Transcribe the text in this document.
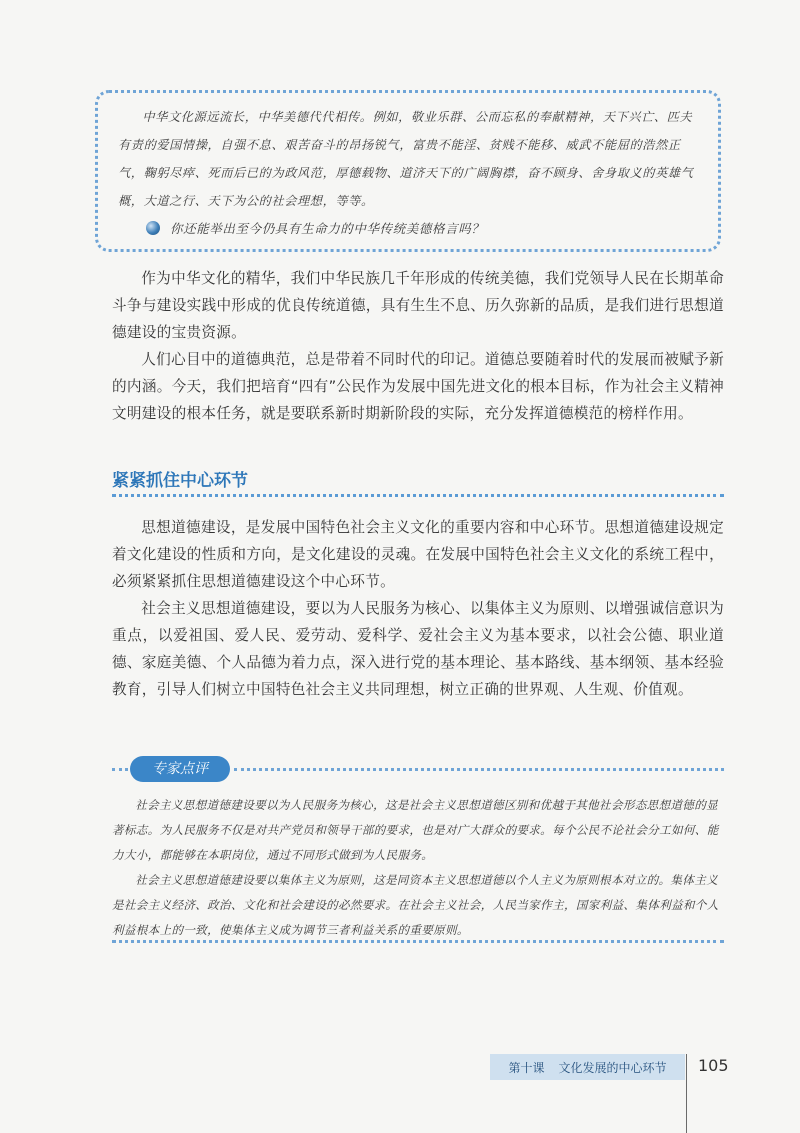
中华文化源远流长，中华美德代代相传。例如，敬业乐群、公而忘私的奉献精神，天下兴亡、匹夫有责的爱国情操，自强不息、艰苦奋斗的昂扬锐气，富贵不能淫、贫贱不能移、威武不能屈的浩然正气，鞠躬尽瘁、死而后已的为政风范，厚德载物、道济天下的广阔胸襟，奋不顾身、舍身取义的英雄气概，大道之行、天下为公的社会理想，等等。

你还能举出至今仍具有生命力的中华传统美德格言吗？

作为中华文化的精华，我们中华民族几千年形成的传统美德，我们党领导人民在长期革命斗争与建设实践中形成的优良传统道德，具有生生不息、历久弥新的品质，是我们进行思想道德建设的宝贵资源。

人们心目中的道德典范，总是带着不同时代的印记。道德总要随着时代的发展而被赋予新的内涵。今天，我们把培育“四有”公民作为发展中国先进文化的根本目标，作为社会主义精神文明建设的根本任务，就是要联系新时期新阶段的实际，充分发挥道德模范的榜样作用。

紧紧抓住中心环节

思想道德建设，是发展中国特色社会主义文化的重要内容和中心环节。思想道德建设规定着文化建设的性质和方向，是文化建设的灵魂。在发展中国特色社会主义文化的系统工程中，必须紧紧抓住思想道德建设这个中心环节。

社会主义思想道德建设，要以为人民服务为核心、以集体主义为原则、以增强诚信意识为重点，以爱祖国、爱人民、爱劳动、爱科学、爱社会主义为基本要求，以社会公德、职业道德、家庭美德、个人品德为着力点，深入进行党的基本理论、基本路线、基本纲领、基本经验教育，引导人们树立中国特色社会主义共同理想，树立正确的世界观、人生观、价值观。

专家点评

社会主义思想道德建设要以为人民服务为核心，这是社会主义思想道德区别和优越于其他社会形态思想道德的显著标志。为人民服务不仅是对共产党员和领导干部的要求，也是对广大群众的要求。每个公民不论社会分工如何、能力大小，都能够在本职岗位，通过不同形式做到为人民服务。

社会主义思想道德建设要以集体主义为原则，这是同资本主义思想道德以个人主义为原则根本对立的。集体主义是社会主义经济、政治、文化和社会建设的必然要求。在社会主义社会，人民当家作主，国家利益、集体利益和个人利益根本上的一致，使集体主义成为调节三者利益关系的重要原则。

第十课 文化发展的中心环节 105
